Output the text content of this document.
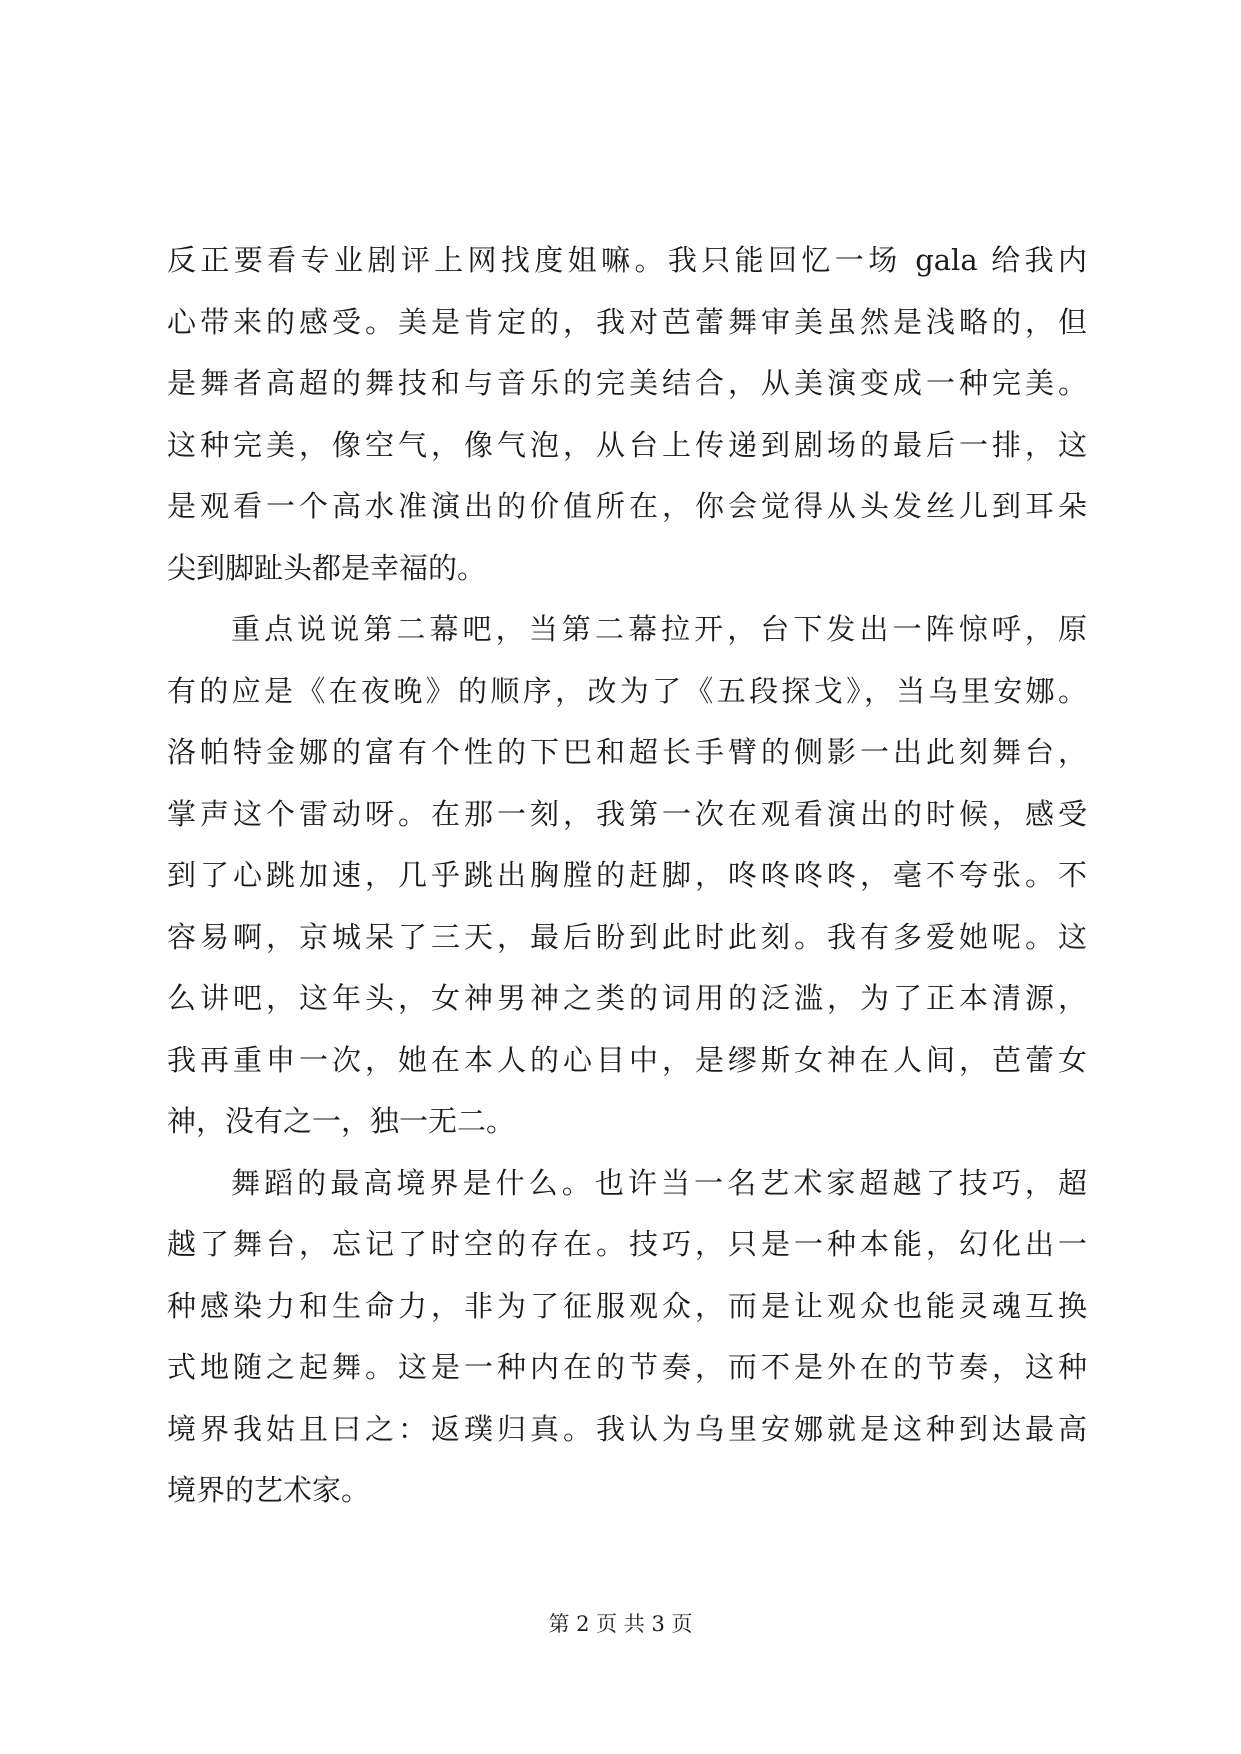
反正要看专业剧评上网找度姐嘛。我只能回忆一场 gala 给我内
心带来的感受。美是肯定的，我对芭蕾舞审美虽然是浅略的，但
是舞者高超的舞技和与音乐的完美结合，从美演变成一种完美。
这种完美，像空气，像气泡，从台上传递到剧场的最后一排，这
是观看一个高水准演出的价值所在，你会觉得从头发丝儿到耳朵
尖到脚趾头都是幸福的。
重点说说第二幕吧，当第二幕拉开，台下发出一阵惊呼，原
有的应是《在夜晚》的顺序，改为了《五段探戈》，当乌里安娜。
洛帕特金娜的富有个性的下巴和超长手臂的侧影一出此刻舞台，
掌声这个雷动呀。在那一刻，我第一次在观看演出的时候，感受
到了心跳加速，几乎跳出胸膛的赶脚，咚咚咚咚，毫不夸张。不
容易啊，京城呆了三天，最后盼到此时此刻。我有多爱她呢。这
么讲吧，这年头，女神男神之类的词用的泛滥，为了正本清源，
我再重申一次，她在本人的心目中，是缪斯女神在人间，芭蕾女
神，没有之一，独一无二。
舞蹈的最高境界是什么。也许当一名艺术家超越了技巧，超
越了舞台，忘记了时空的存在。技巧，只是一种本能，幻化出一
种感染力和生命力，非为了征服观众，而是让观众也能灵魂互换
式地随之起舞。这是一种内在的节奏，而不是外在的节奏，这种
境界我姑且曰之：返璞归真。我认为乌里安娜就是这种到达最高
境界的艺术家。
第 2 页 共 3 页
